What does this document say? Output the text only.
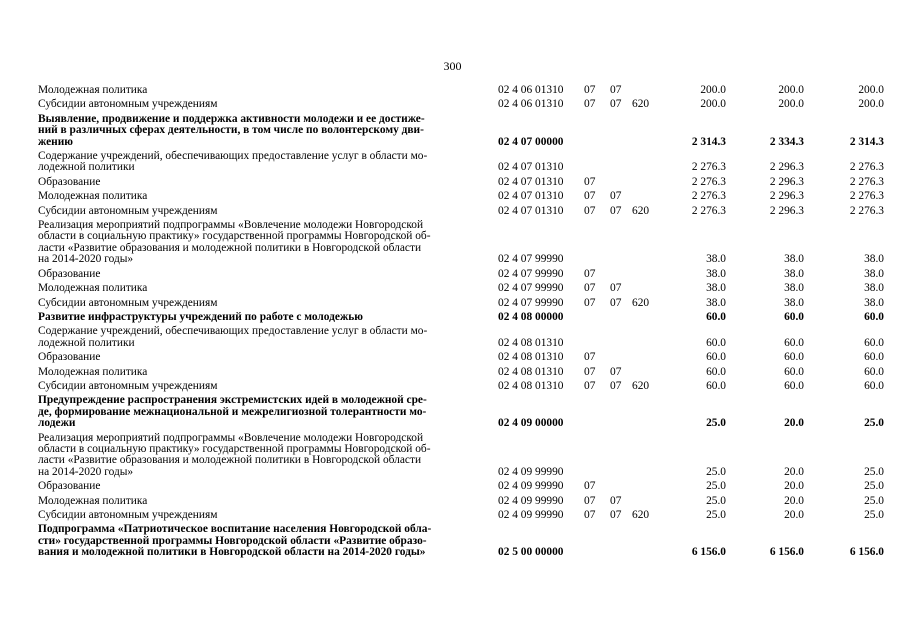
300
Молодежная политика	02 4 06 01310 07 07	200.0	200.0	200.0
Субсидии автономным учреждениям	02 4 06 01310 07 07 620	200.0	200.0	200.0
Выявление, продвижение и поддержка активности молодежи и ее достиже-
ний в различных сферах деятельности, в том числе по волонтерскому дви-
жению	02 4 07 00000	2 314.3	2 334.3	2 314.3
Содержание учреждений, обеспечивающих предоставление услуг в области мо-
лодежной политики	02 4 07 01310	2 276.3	2 296.3	2 276.3
Образование	02 4 07 01310 07	2 276.3	2 296.3	2 276.3
Молодежная политика	02 4 07 01310 07 07	2 276.3	2 296.3	2 276.3
Субсидии автономным учреждениям	02 4 07 01310 07 07 620	2 276.3	2 296.3	2 276.3
Реализация мероприятий подпрограммы «Вовлечение молодежи Новгородской
области в социальную практику» государственной программы Новгородской об-
ласти «Развитие образования и молодежной политики в Новгородской области
на 2014-2020 годы»	02 4 07 99990	38.0	38.0	38.0
Образование	02 4 07 99990 07	38.0	38.0	38.0
Молодежная политика	02 4 07 99990 07 07	38.0	38.0	38.0
Субсидии автономным учреждениям	02 4 07 99990 07 07 620	38.0	38.0	38.0
Развитие инфраструктуры учреждений по работе с молодежью	02 4 08 00000	60.0	60.0	60.0
Содержание учреждений, обеспечивающих предоставление услуг в области мо-
лодежной политики	02 4 08 01310	60.0	60.0	60.0
Образование	02 4 08 01310 07	60.0	60.0	60.0
Молодежная политика	02 4 08 01310 07 07	60.0	60.0	60.0
Субсидии автономным учреждениям	02 4 08 01310 07 07 620	60.0	60.0	60.0
Предупреждение распространения экстремистских идей в молодежной сре-
де, формирование межнациональной и межрелигиозной толерантности мо-
лодежи	02 4 09 00000	25.0	20.0	25.0
Реализация мероприятий подпрограммы «Вовлечение молодежи Новгородской
области в социальную практику» государственной программы Новгородской об-
ласти «Развитие образования и молодежной политики в Новгородской области
на 2014-2020 годы»	02 4 09 99990	25.0	20.0	25.0
Образование	02 4 09 99990 07	25.0	20.0	25.0
Молодежная политика	02 4 09 99990 07 07	25.0	20.0	25.0
Субсидии автономным учреждениям	02 4 09 99990 07 07 620	25.0	20.0	25.0
Подпрограмма «Патриотическое воспитание населения Новгородской обла-
сти» государственной программы Новгородской области «Развитие образо-
вания и молодежной политики в Новгородской области на 2014-2020 годы»	02 5 00 00000	6 156.0	6 156.0	6 156.0
